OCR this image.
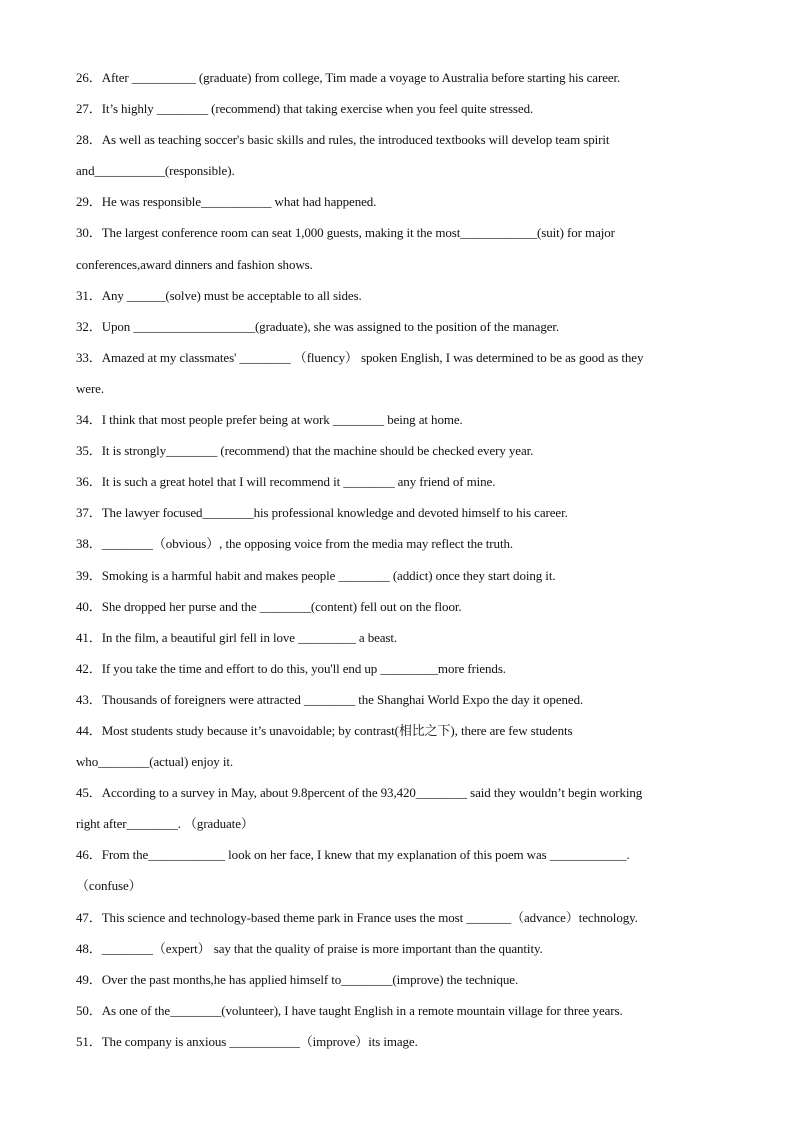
26．After __________ (graduate) from college, Tim made a voyage to Australia before starting his career.
27．It’s highly ________ (recommend) that taking exercise when you feel quite stressed.
28．As well as teaching soccer's basic skills and rules, the introduced textbooks will develop team spirit
and___________(responsible).
29．He was responsible___________ what had happened.
30．The largest conference room can seat 1,000 guests, making it the most____________(suit) for major
conferences,award dinners and fashion shows.
31．Any ______(solve) must be acceptable to all sides.
32．Upon ___________________(graduate), she was assigned to the position of the manager.
33．Amazed at my classmates' ________ （fluency） spoken English, I was determined to be as good as they
were.
34．I think that most people prefer being at work ________ being at home.
35．It is strongly________ (recommend) that the machine should be checked every year.
36．It is such a great hotel that I will recommend it ________ any friend of mine.
37．The lawyer focused________his professional knowledge and devoted himself to his career.
38．________（obvious）, the opposing voice from the media may reflect the truth.
39．Smoking is a harmful habit and makes people ________ (addict) once they start doing it.
40．She dropped her purse and the ________(content) fell out on the floor.
41．In the film, a beautiful girl fell in love _________ a beast.
42．If you take the time and effort to do this, you'll end up _________more friends.
43．Thousands of foreigners were attracted ________ the Shanghai World Expo the day it opened.
44．Most students study because it’s unavoidable; by contrast(相比之下), there are few students
who________(actual) enjoy it.
45．According to a survey in May, about 9.8percent of the 93,420________ said they wouldn’t begin working
right after________. （graduate）
46．From the____________ look on her face, I knew that my explanation of this poem was ____________.
（confuse）
47．This science and technology-based theme park in France uses the most _______（advance）technology.
48．________（expert） say that the quality of praise is more important than the quantity.
49．Over the past months,he has applied himself to________(improve) the technique.
50．As one of the________(volunteer), I have taught English in a remote mountain village for three years.
51．The company is anxious ___________（improve）its image.
